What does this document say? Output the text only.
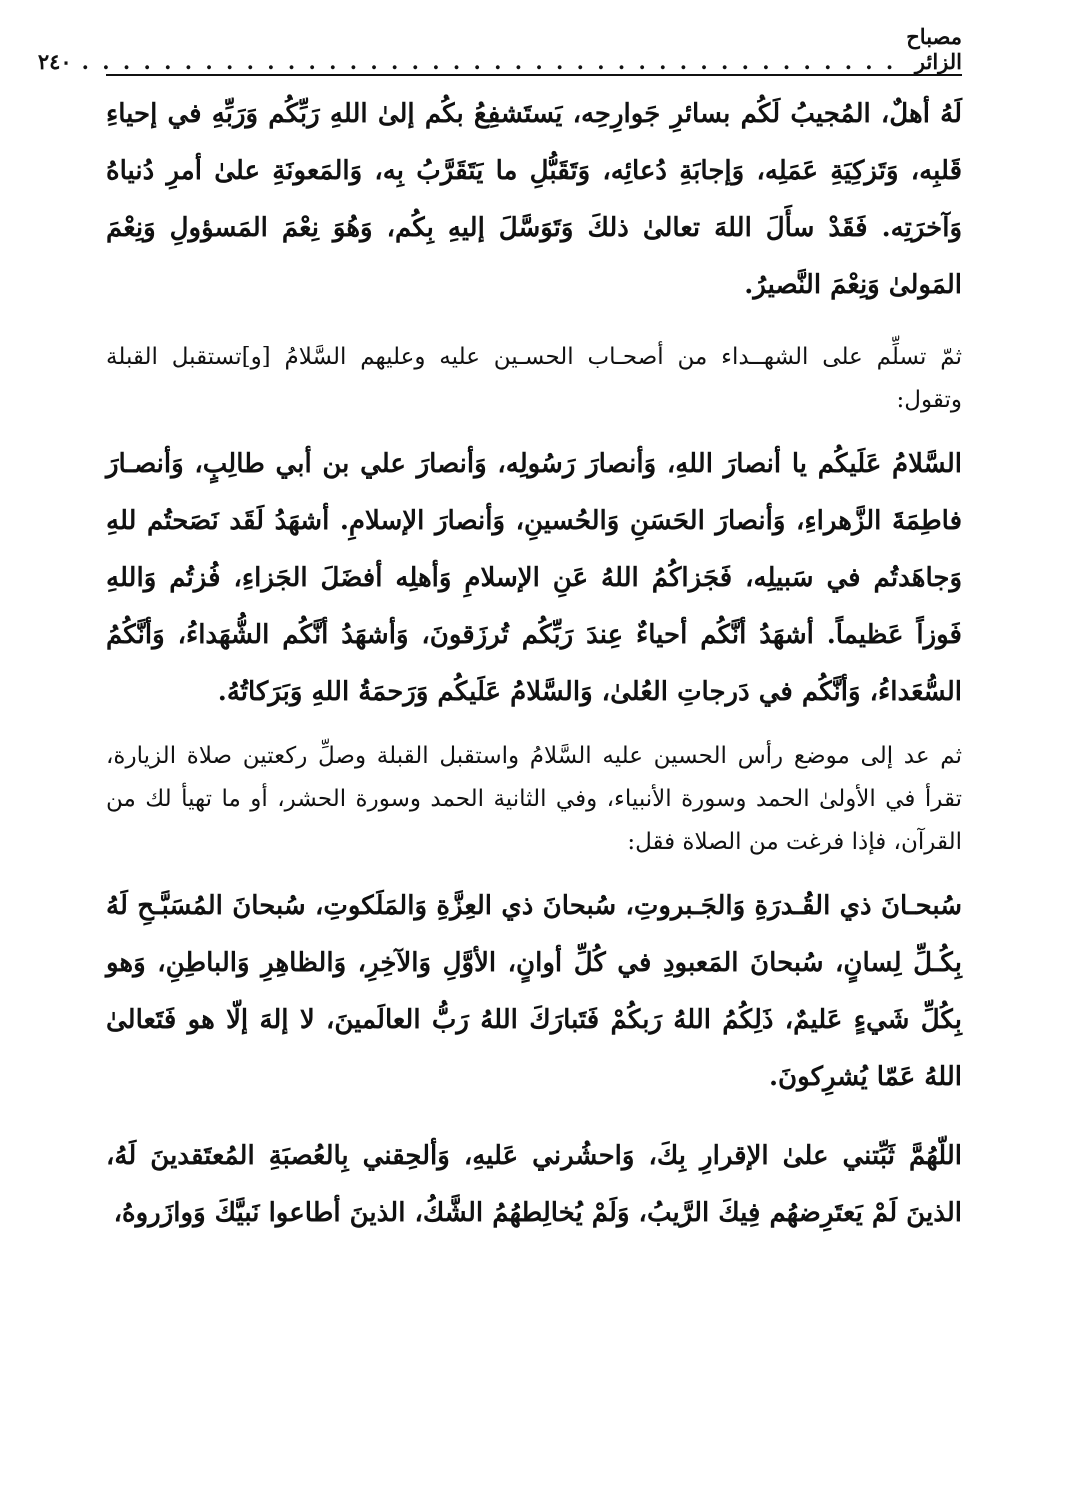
مصباح الزائر
. . . . . . . . . . . . . . . . . . . . . . . . . . . . . . . . . . . . . . . .
٢٤٠

لَهُ أهلٌ، المُجيبُ لَكُم بسائرِ جَوارِحِه، يَستَشفِعُ بكُم إلىٰ اللهِ رَبِّكُم وَرَبِّهِ في إحياءِ قَلبِه، وَتَزكِيَةِ عَمَلِه، وَإجابَةِ دُعائِه، وَتَقَبُّلِ ما يَتَقَرَّبُ بِه، وَالمَعونَةِ علىٰ أمرِ دُنياهُ وَآخرَتِه. فَقَدْ سأَلَ اللهَ تعالىٰ ذلكَ وَتَوَسَّلَ إليهِ بِكُم، وَهُوَ نِعْمَ المَسؤولِ وَنِعْمَ المَولىٰ وَنِعْمَ النَّصيرُ.

ثمّ تسلِّم على الشهــداء من أصحـاب الحسـين عليه وعليهم السَّلامُ [و]تستقبل القبلة وتقول:

السَّلامُ عَلَيكُم يا أنصارَ اللهِ، وَأنصارَ رَسُولِه، وَأنصارَ علي بن أبي طالِبٍ، وَأنصـارَ فاطِمَةَ الزَّهراءِ، وَأنصارَ الحَسَنِ وَالحُسينِ، وَأنصارَ الإسلامِ. أشهَدُ لَقَد نَصَحتُم للهِ وَجاهَدتُم في سَبيلِه، فَجَزاكُمُ اللهُ عَنِ الإسلامِ وَأهلِه أفضَلَ الجَزاءِ، فُزتُم وَاللهِ فَوزاً عَظيماً. أشهَدُ أنَّكُم أحياءٌ عِندَ رَبِّكُم تُرزَقونَ، وَأشهَدُ أنَّكُم الشُّهَداءُ، وَأنَّكُمُ السُّعَداءُ، وَأنَّكُم في دَرجاتِ العُلىٰ، وَالسَّلامُ عَلَيكُم وَرَحمَةُ اللهِ وَبَرَكاتُهُ.

ثم عد إلى موضع رأس الحسين عليه السَّلامُ واستقبل القبلة وصلِّ ركعتين صلاة الزيارة، تقرأ في الأولىٰ الحمد وسورة الأنبياء، وفي الثانية الحمد وسورة الحشر، أو ما تهيأ لك من القرآن، فإذا فرغت من الصلاة فقل:

سُبحـانَ ذي القُـدرَةِ وَالجَـبروتِ، سُبحانَ ذي العِزَّةِ وَالمَلَكوتِ، سُبحانَ المُسَبَّـحِ لَهُ بِكُـلِّ لِسانٍ، سُبحانَ المَعبودِ في كُلِّ أوانٍ، الأوَّلِ وَالآخِرِ، وَالظاهِرِ وَالباطِنِ، وَهو بِكُلِّ شَيءٍ عَليمٌ، ذَلِكُمُ اللهُ رَبكُمْ فَتَبارَكَ اللهُ رَبُّ العالَمينَ، لا إلهَ إلّا هو فَتَعالىٰ اللهُ عَمّا يُشرِكونَ.

اللّهُمَّ ثَبِّتني علىٰ الإقرارِ بِكَ، وَاحشُرني عَليهِ، وَألحِقني بِالعُصبَةِ المُعتَقدينَ لَهُ، الذينَ لَمْ يَعتَرِضهُم فِيكَ الرَّيبُ، وَلَمْ يُخالِطهُمُ الشَّكُ، الذينَ أطاعوا نَبيَّكَ وَوازَروهُ،
